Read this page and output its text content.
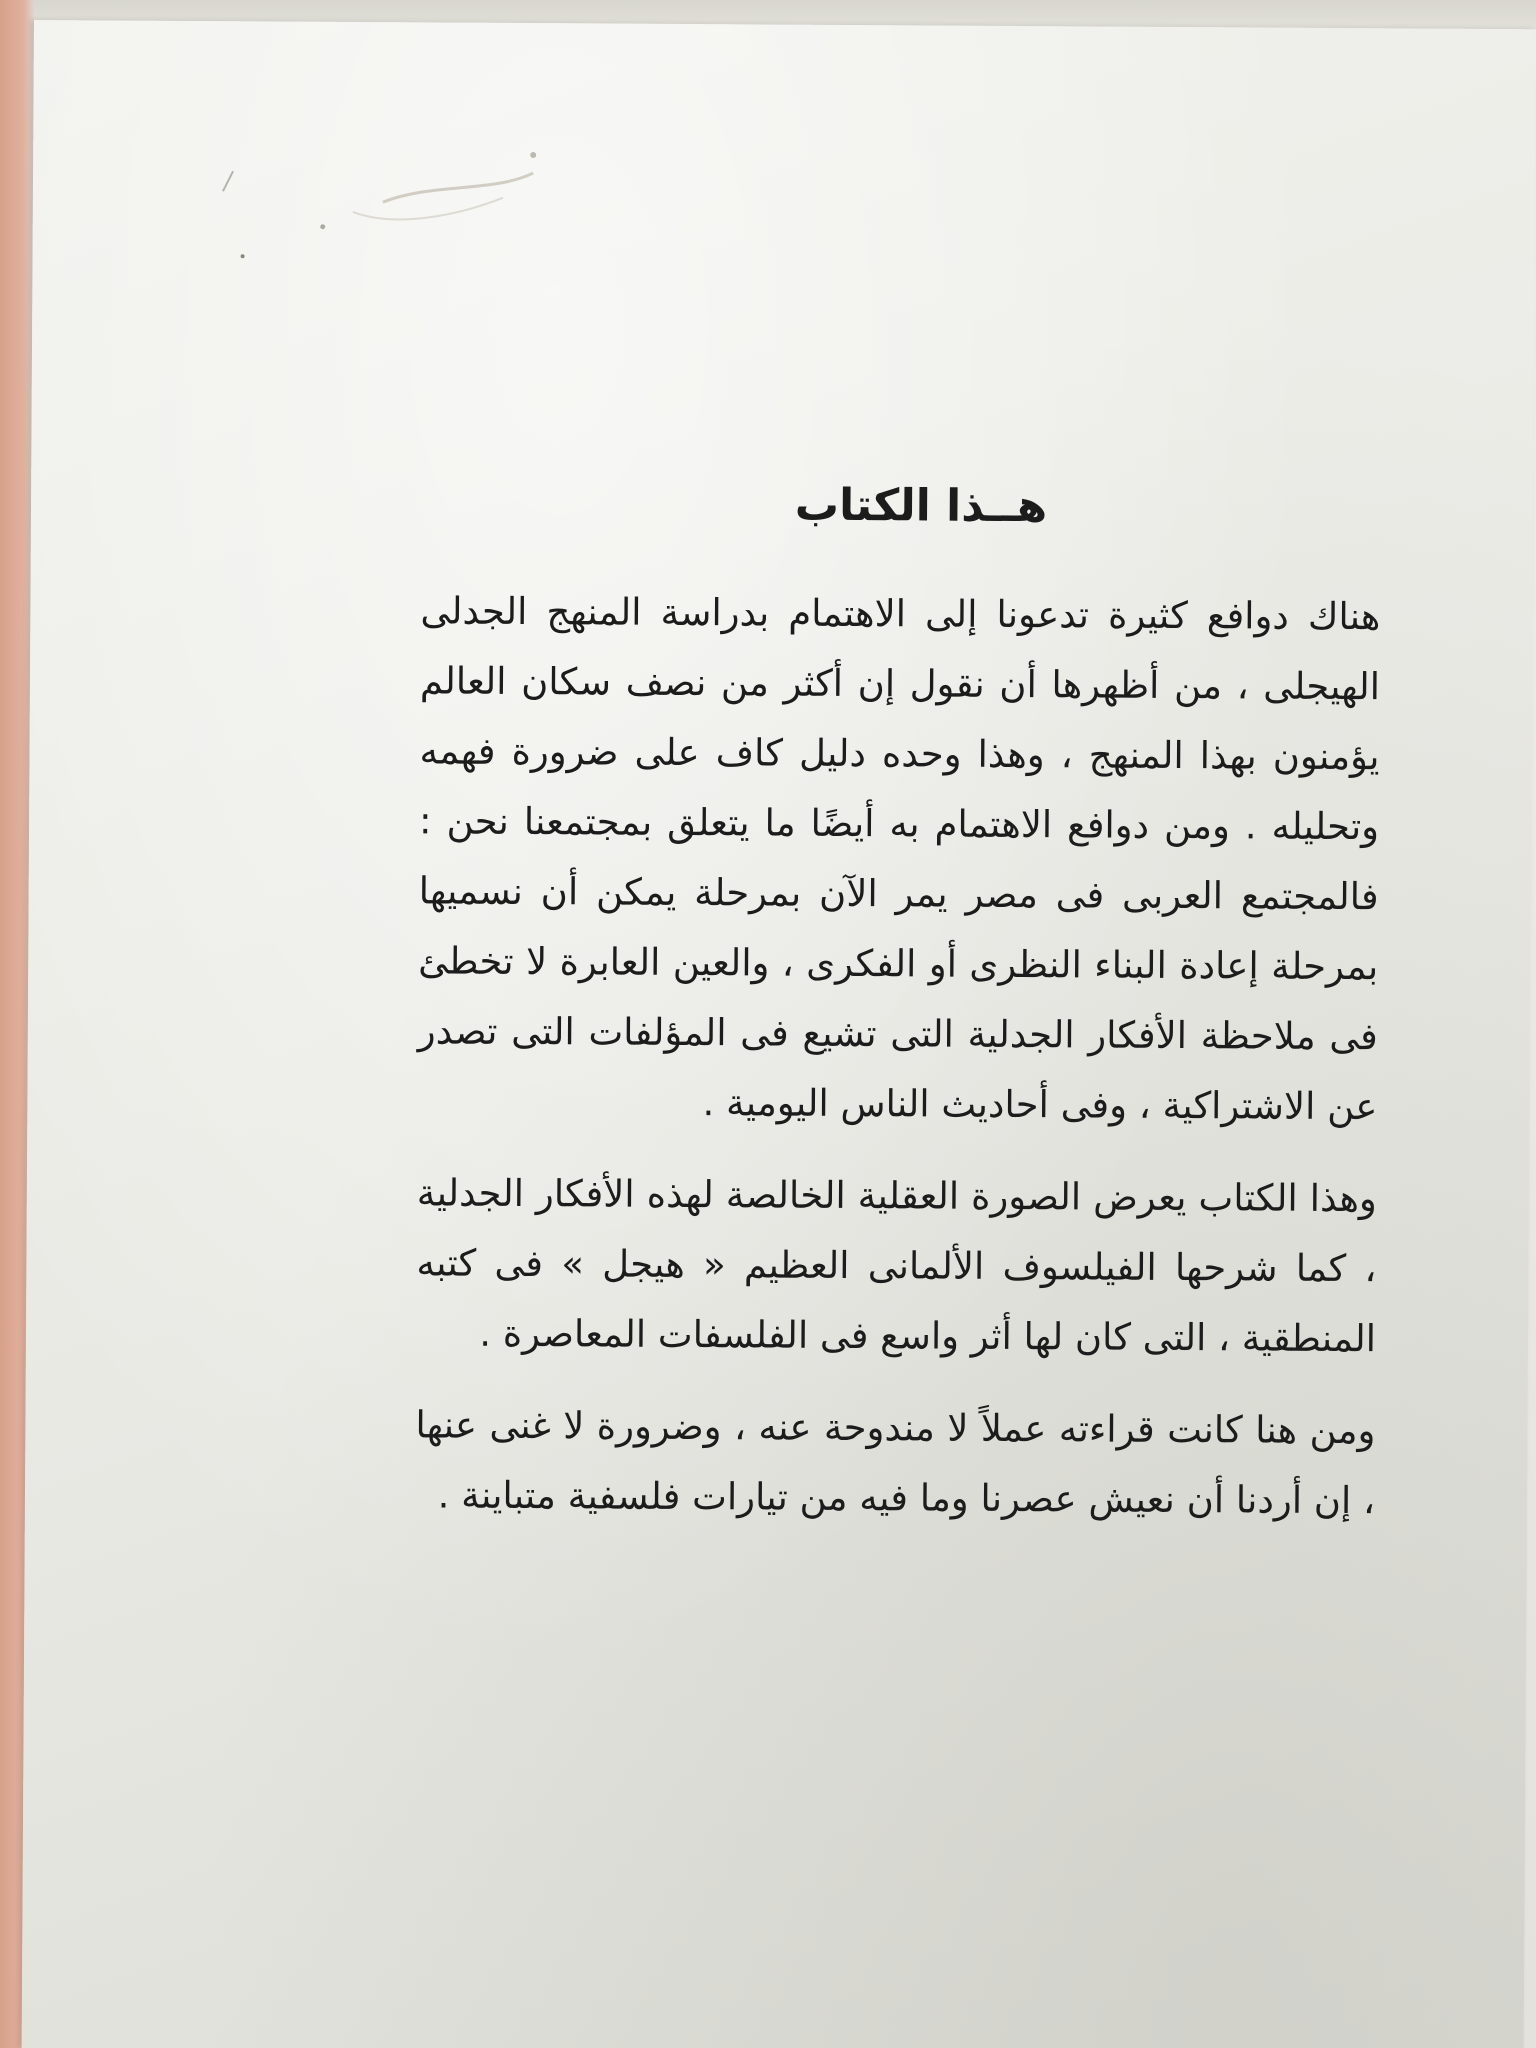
هــذا الكتاب

هناك دوافع كثيرة تدعونا إلى الاهتمام بدراسة المنهج الجدلى الهيجلى ، من أظهرها أن نقول إن أكثر من نصف سكان العالم يؤمنون بهذا المنهج ، وهذا وحده دليل كاف على ضرورة فهمه وتحليله . ومن دوافع الاهتمام به أيضًا ما يتعلق بمجتمعنا نحن : فالمجتمع العربى فى مصر يمر الآن بمرحلة يمكن أن نسميها بمرحلة إعادة البناء النظرى أو الفكرى ، والعين العابرة لا تخطئ فى ملاحظة الأفكار الجدلية التى تشيع فى المؤلفات التى تصدر عن الاشتراكية ، وفى أحاديث الناس اليومية .

وهذا الكتاب يعرض الصورة العقلية الخالصة لهذه الأفكار الجدلية ، كما شرحها الفيلسوف الألمانى العظيم « هيجل » فى كتبه المنطقية ، التى كان لها أثر واسع فى الفلسفات المعاصرة .

ومن هنا كانت قراءته عملاً لا مندوحة عنه ، وضرورة لا غنى عنها ، إن أردنا أن نعيش عصرنا وما فيه من تيارات فلسفية متباينة .
